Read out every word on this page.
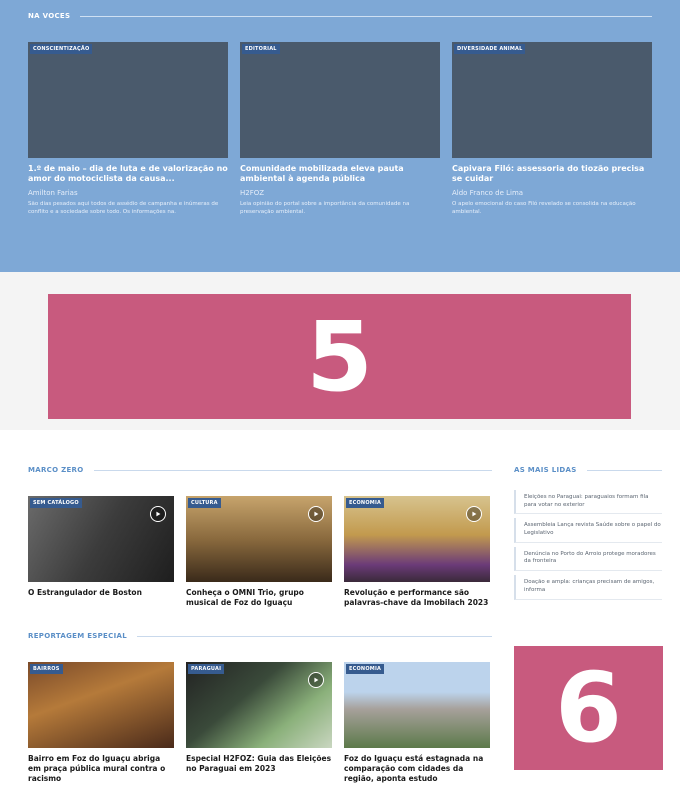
NA VOCES
CONSCIENTIZAÇÃO
1.º de maio – dia de luta e de valorização no amor do motociclista da causa...
Amilton Farias
São dias pesados aqui todos de assédio de campanha e inúmeras de conflito e a sociedade sobre todo. Os informações na.
EDITORIAL
Comunidade mobilizada eleva pauta ambiental à agenda pública
H2FOZ
Leia opinião do portal sobre a importância da comunidade na preservação ambiental.
DIVERSIDADE ANIMAL
Capivara Filó: assessoria do tiozão precisa se cuidar
Aldo Franco de Lima
O apelo emocional do caso Filó revelado se consolida na educação ambiental.
5
MARCO ZERO
SEM CATÁLOGO
O Estrangulador de Boston
CULTURA
Conheça o OMNI Trio, grupo musical de Foz do Iguaçu
ECONOMIA
Revolução e performance são palavras-chave da Imobilach 2023
REPORTAGEM ESPECIAL
BAIRROS
Bairro em Foz do Iguaçu abriga em praça pública mural contra o racismo
PARAGUAI
Especial H2FOZ: Guia das Eleições no Paraguai em 2023
ECONOMIA
Foz do Iguaçu está estagnada na comparação com cidades da região, aponta estudo
AS MAIS LIDAS
Eleições no Paraguai: paraguaios formam fila para votar no exterior
Assembleia Lança revista Saúde sobre o papel do Legislativo
Denúncia no Porto do Arroio protege moradores da fronteira
Doação e ampla: crianças precisam de amigos, informa
6
